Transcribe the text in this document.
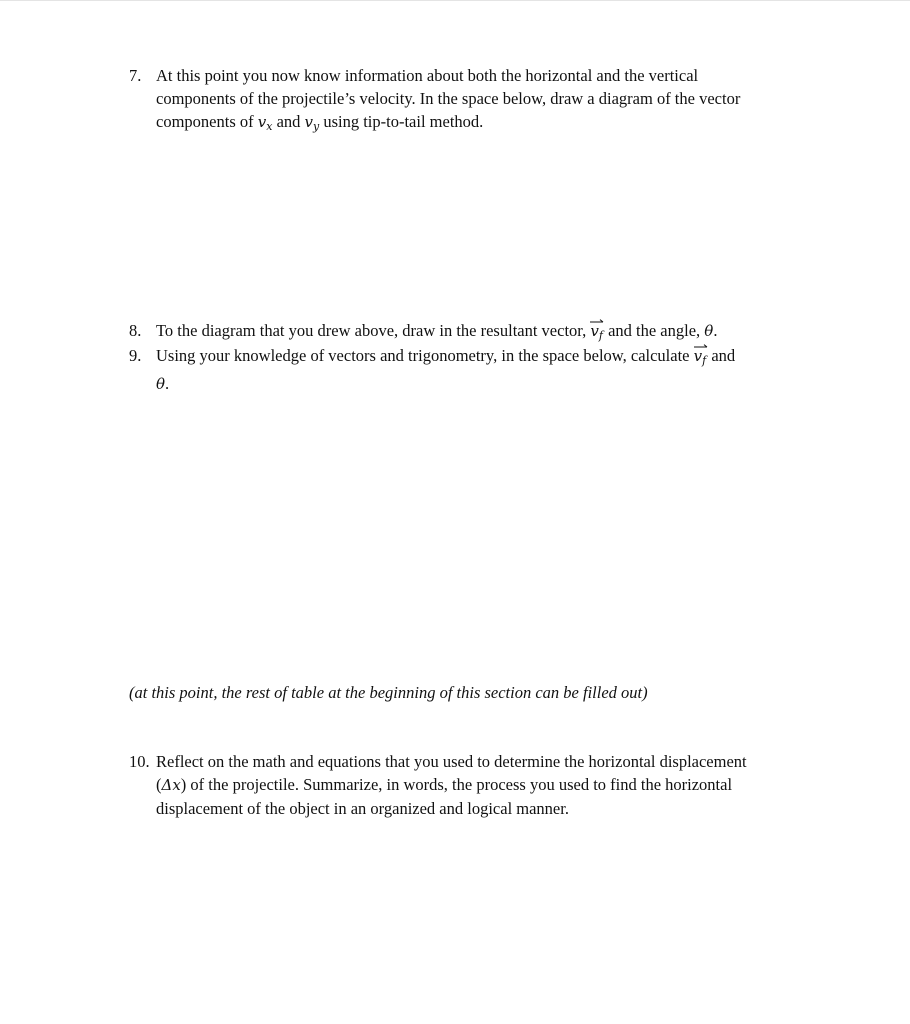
7. At this point you now know information about both the horizontal and the vertical
components of the projectile’s velocity. In the space below, draw a diagram of the vector
components of $v_x$ and $v_y$ using tip-to-tail method.
8. To the diagram that you drew above, draw in the resultant vector, $v_f$ and the angle, θ.
9. Using your knowledge of vectors and trigonometry, in the space below, calculate $v_f$ and
θ.
(at this point, the rest of table at the beginning of this section can be filled out)
10. Reflect on the math and equations that you used to determine the horizontal displacement
(Δx) of the projectile. Summarize, in words, the process you used to find the horizontal
displacement of the object in an organized and logical manner.
